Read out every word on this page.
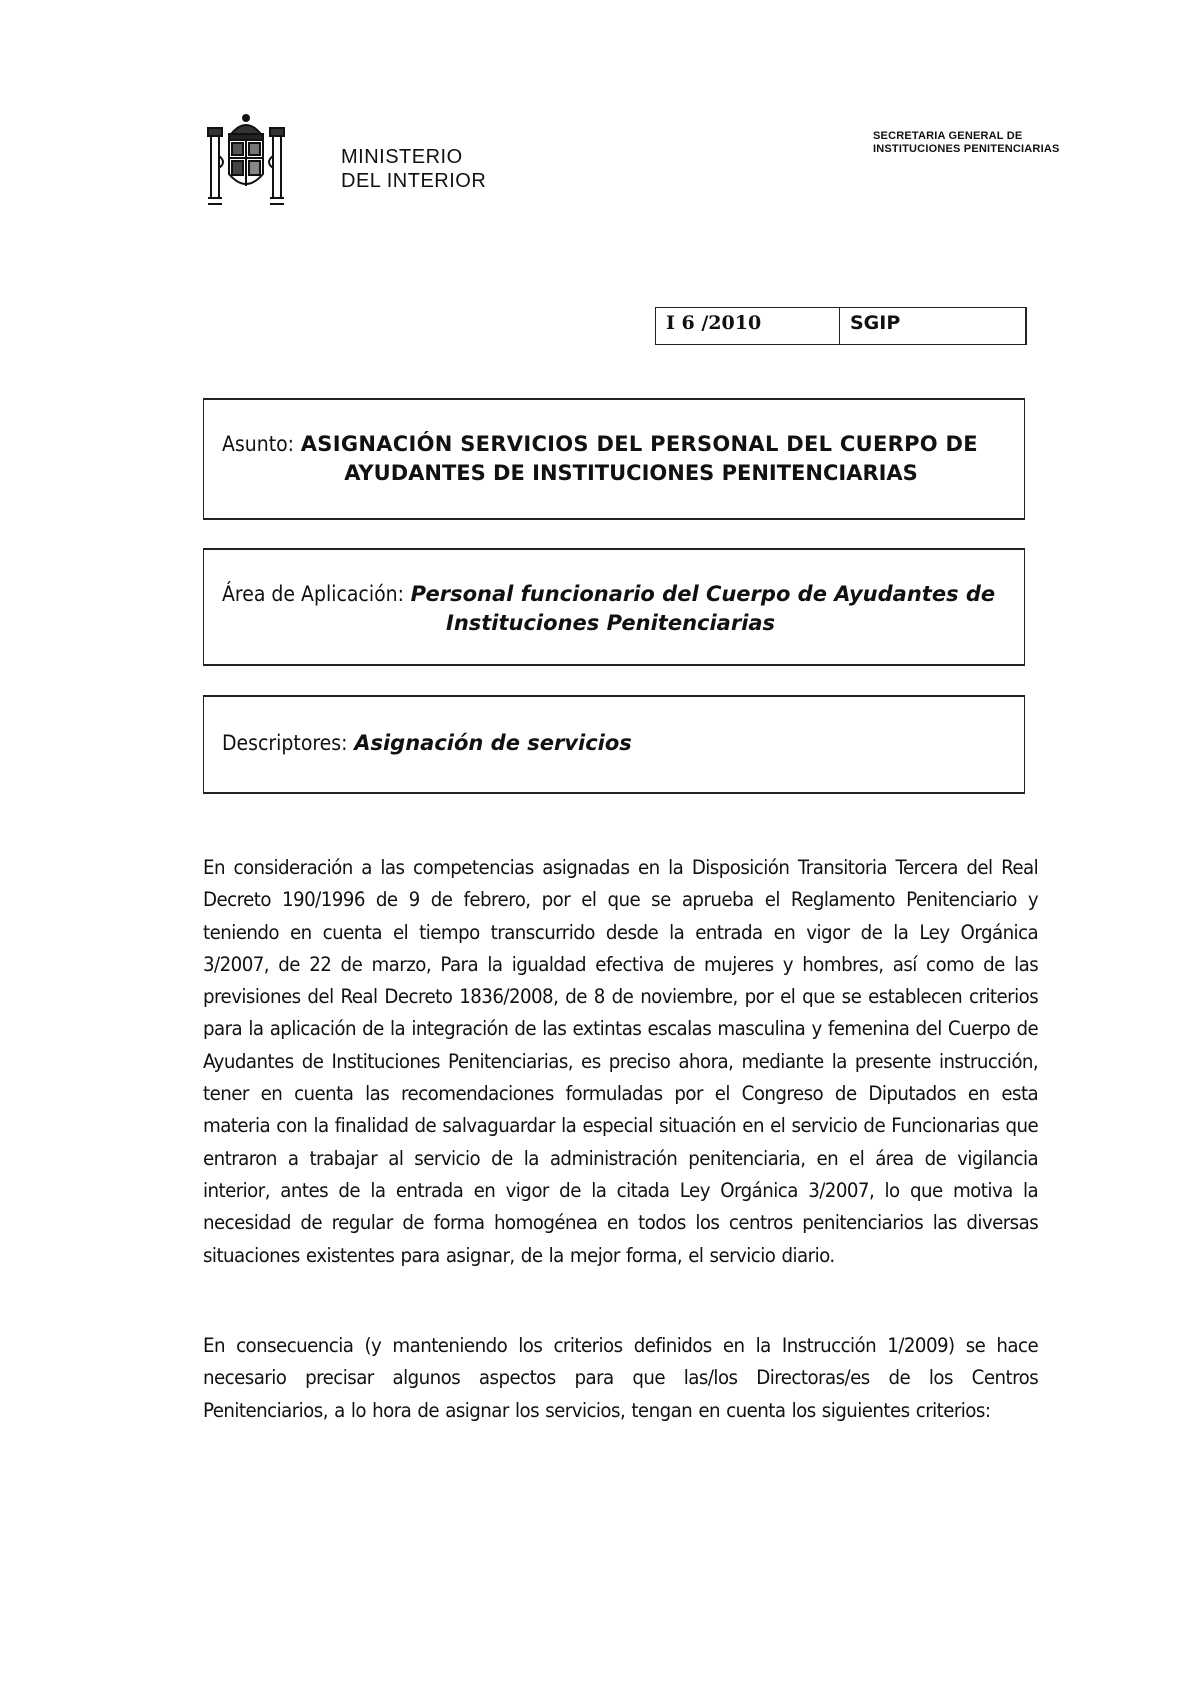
MINISTERIO
DEL INTERIOR
SECRETARIA GENERAL DE
INSTITUCIONES PENITENCIARIAS
I 6 /2010	SGIP
Asunto: ASIGNACIÓN SERVICIOS DEL PERSONAL DEL CUERPO DE
AYUDANTES DE INSTITUCIONES PENITENCIARIAS
Área de Aplicación: Personal funcionario del Cuerpo de Ayudantes de
Instituciones Penitenciarias
Descriptores: Asignación de servicios
En consideración a las competencias asignadas en la Disposición Transitoria Tercera del Real Decreto 190/1996 de 9 de febrero, por el que se aprueba el Reglamento Penitenciario y teniendo en cuenta el tiempo transcurrido desde la entrada en vigor de la Ley Orgánica 3/2007, de 22 de marzo, Para la igualdad efectiva de mujeres y hombres, así como de las previsiones del Real Decreto 1836/2008, de 8 de noviembre, por el que se establecen criterios para la aplicación de la integración de las extintas escalas masculina y femenina del Cuerpo de Ayudantes de Instituciones Penitenciarias, es preciso ahora, mediante la presente instrucción, tener en cuenta las recomendaciones formuladas por el Congreso de Diputados en esta materia con la finalidad de salvaguardar la especial situación en el servicio de Funcionarias que entraron a trabajar al servicio de la administración penitenciaria, en el área de vigilancia interior, antes de la entrada en vigor de la citada Ley Orgánica 3/2007, lo que motiva la necesidad de regular de forma homogénea en todos los centros penitenciarios las diversas situaciones existentes para asignar, de la mejor forma, el servicio diario.
En consecuencia (y manteniendo los criterios definidos en la Instrucción 1/2009) se hace necesario precisar algunos aspectos para que las/los Directoras/es de los Centros Penitenciarios, a lo hora de asignar los servicios, tengan en cuenta los siguientes criterios:
